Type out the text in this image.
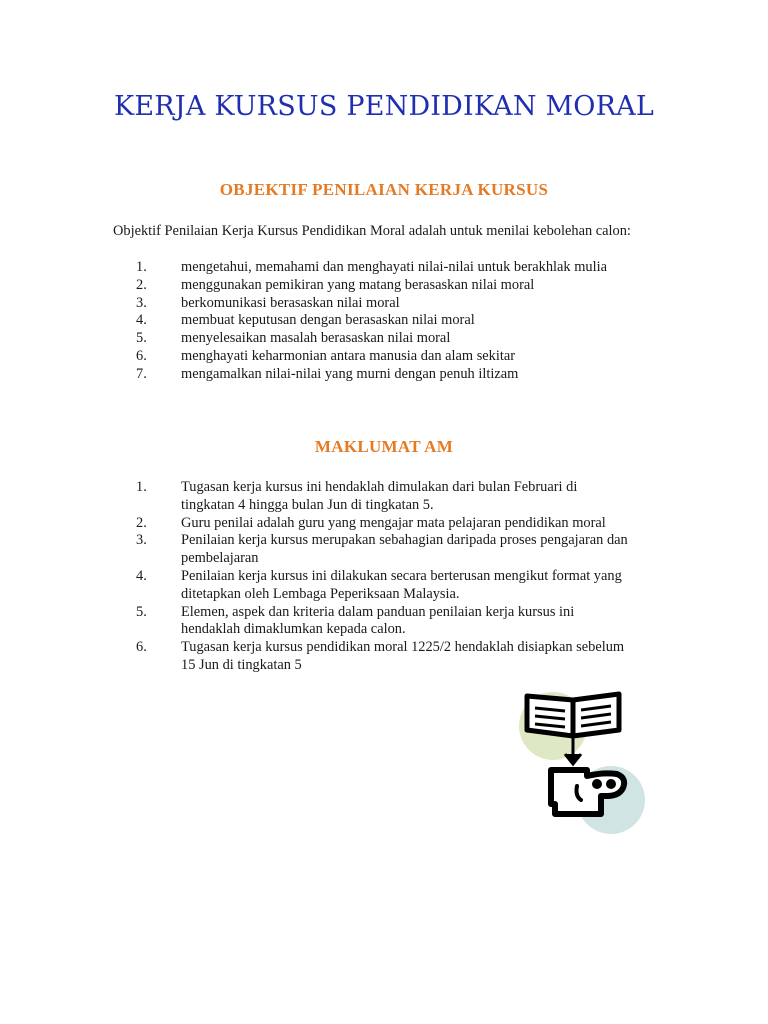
KERJA KURSUS PENDIDIKAN MORAL
OBJEKTIF PENILAIAN KERJA KURSUS

Objektif Penilaian Kerja Kursus Pendidikan Moral adalah untuk menilai kebolehan calon:

1. mengetahui, memahami dan menghayati nilai-nilai untuk berakhlak mulia
2. menggunakan pemikiran yang matang berasaskan nilai moral
3. berkomunikasi berasaskan nilai moral
4. membuat keputusan dengan berasaskan nilai moral
5. menyelesaikan masalah berasaskan nilai moral
6. menghayati keharmonian antara manusia dan alam sekitar
7. mengamalkan nilai-nilai yang murni dengan penuh iltizam
MAKLUMAT AM
1. Tugasan kerja kursus ini hendaklah dimulakan dari bulan Februari di
tingkatan 4 hingga bulan Jun di tingkatan 5.
2. Guru penilai adalah guru yang mengajar mata pelajaran pendidikan moral
3. Penilaian kerja kursus merupakan sebahagian daripada proses pengajaran dan
pembelajaran
4. Penilaian kerja kursus ini dilakukan secara berterusan mengikut format yang
ditetapkan oleh Lembaga Peperiksaan Malaysia.
5. Elemen, aspek dan kriteria dalam panduan penilaian kerja kursus ini
hendaklah dimaklumkan kepada calon.
6. Tugasan kerja kursus pendidikan moral 1225/2 hendaklah disiapkan sebelum
15 Jun di tingkatan 5
